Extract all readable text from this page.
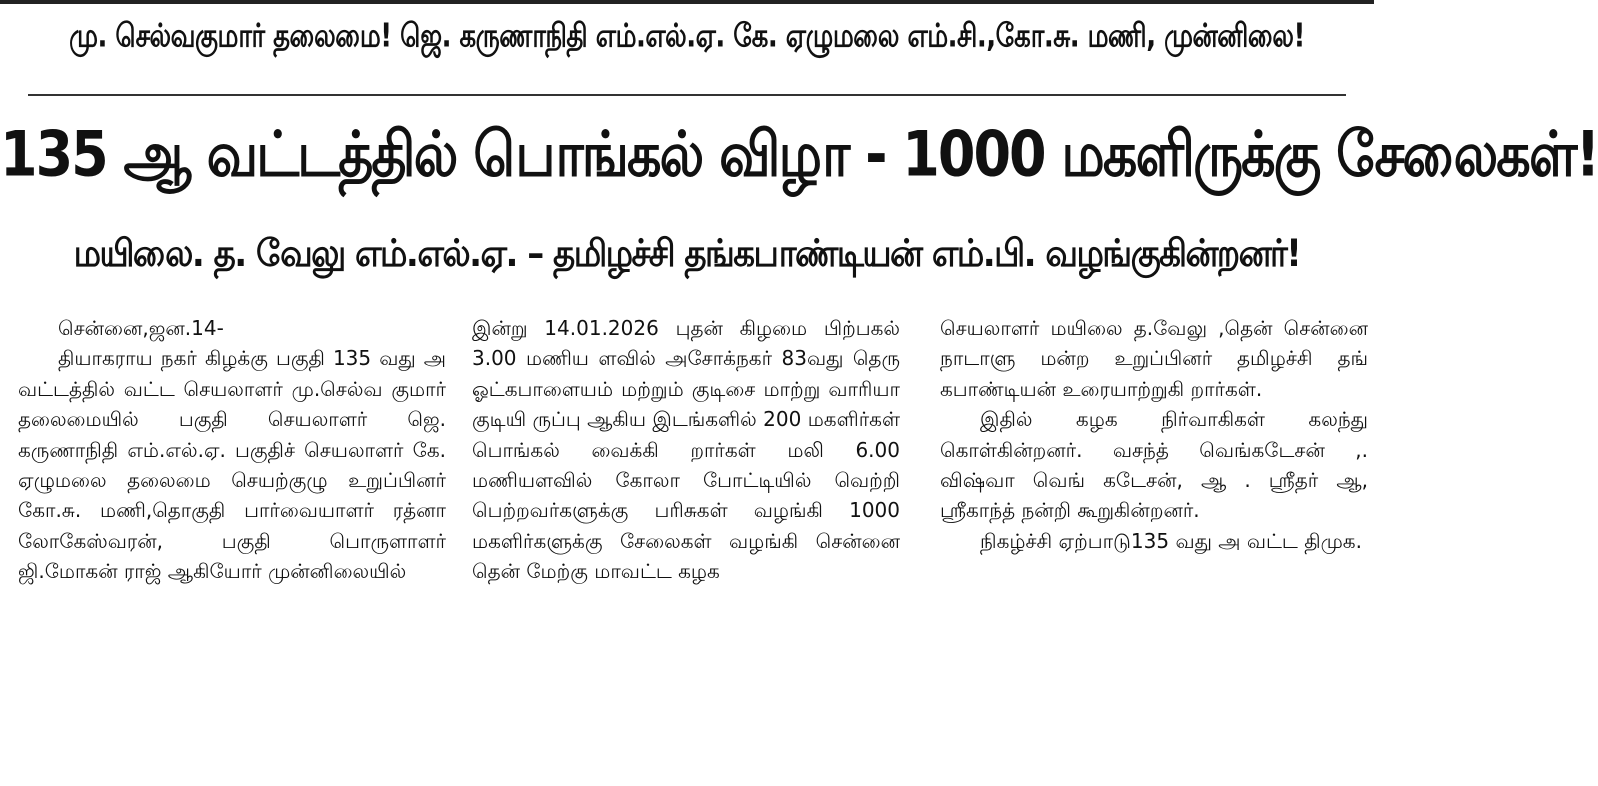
மு. செல்வகுமார் தலைமை! ஜெ. கருணாநிதி எம்.எல்.ஏ. கே. ஏழுமலை எம்.சி.,கோ.சு. மணி, முன்னிலை!
135 ஆ வட்டத்தில் பொங்கல் விழா - 1000 மகளிருக்கு சேலைகள்!
மயிலை. த. வேலு எம்.எல்.ஏ. – தமிழச்சி தங்கபாண்டியன் எம்.பி. வழங்குகின்றனர்!

சென்னை,ஜன.14-

தியாகராய நகர் கிழக்கு பகுதி 135 வது அ வட்டத்தில் வட்ட செயலாளர் மு.செல்வ குமார் தலைமையில் பகுதி செயலாளர் ஜெ. கருணாநிதி எம்.எல்.ஏ. பகுதிச் செயலாளர் கே. ஏழுமலை தலைமை செயற்குழு உறுப்பினர் கோ.சு. மணி,தொகுதி பார்வையாளர் ரத்னா லோகேஸ்வரன், பகுதி பொருளாளர் ஜி.மோகன் ராஜ் ஆகியோர் முன்னிலையில்

இன்று 14.01.2026 புதன் கிழமை பிற்பகல் 3.00 மணிய ளவில் அசோக்நகர் 83வது தெரு ஓட்கபாளையம் மற்றும் குடிசை மாற்று வாரியா குடியி ருப்பு ஆகிய இடங்களில் 200 மகளிர்கள் பொங்கல் வைக்கி றார்கள் மலி 6.00 மணியளவில் கோலா போட்டியில் வெற்றி பெற்றவர்களுக்கு பரிசுகள் வழங்கி 1000 மகளிர்களுக்கு சேலைகள் வழங்கி சென்னை தென் மேற்கு மாவட்ட கழக

செயலாளர் மயிலை த.வேலு ,தென் சென்னை நாடாளு மன்ற உறுப்பினர் தமிழச்சி தங் கபாண்டியன் உரையாற்றுகி றார்கள்.

இதில் கழக நிர்வாகிகள் கலந்து கொள்கின்றனர். வசந்த் வெங்கடேசன் ,. விஷ்வா வெங் கடேசன், ஆ . ஸ்ரீதர் ஆ, ஸ்ரீகாந்த் நன்றி கூறுகின்றனர்.

நிகழ்ச்சி ஏற்பாடு135 வது அ வட்ட திமுக.
